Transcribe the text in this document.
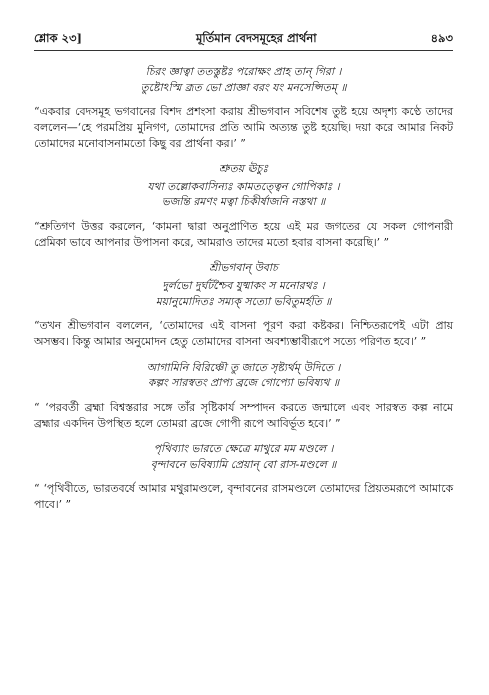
শ্লোক ২৩]	মূর্তিমান বেদসমূহের প্রার্থনা	৪৯৩

চিরং জ্ঞাত্বা ততস্তুষ্টঃ পরোক্ষং প্রাহ তান্‌ গিরা ।
তুষ্টোঽস্মি ব্রূত ভো প্রাজ্ঞা বরং যং মনসেপ্সিতম্‌ ॥

“একবার বেদসমূহ ভগবানের বিশদ প্রশংসা করায় শ্রীভগবান সবিশেষ তুষ্ট হয়ে অদৃশ্য কণ্ঠে তাদের বললেন—‘হে পরমপ্রিয় মুনিগণ, তোমাদের প্রতি আমি অত্যন্ত তুষ্ট হয়েছি। দয়া করে আমার নিকট তোমাদের মনোবাসনামতো কিছু বর প্রার্থনা কর।’ ”

শ্রুতয় ঊচুঃ

যথা তল্লোকবাসিন্যঃ কামতত্ত্বেন গোপিকাঃ ।
ভজন্তি রমণং মত্বা চিকীর্ষাজনি নস্তথা ॥

“শ্রুতিগণ উত্তর করলেন, ‘কামনা দ্বারা অনুপ্রাণিত হয়ে এই মর জগতের যে সকল গোপনারী প্রেমিকা ভাবে আপনার উপাসনা করে, আমরাও তাদের মতো হবার বাসনা করেছি।’ ”

শ্রীভগবান্‌ উবাচ

দুর্লভো দুর্ঘটশ্চৈব যুষ্মাকং স মনোরথঃ ।
ময়ানুমোদিতঃ সম্যক্‌ সত্যো ভবিতুমর্হতি ॥

“তখন শ্রীভগবান বললেন, ‘তোমাদের এই বাসনা পূরণ করা কষ্টকর। নিশ্চিতরূপেই এটা প্রায় অসম্ভব। কিন্তু আমার অনুমোদন হেতু তোমাদের বাসনা অবশ্যম্ভাবীরূপে সত্যে পরিণত হবে।’ ”

আগামিনি বিরিঞ্চৌ তু জাতে সৃষ্ট্যর্থম্‌ উদিতে ।
কল্পং সারস্বতং প্রাপ্য ব্রজে গোপ্যো ভবিষ্যথ ॥

“ ‘পরবর্তী ব্রহ্মা বিশ্বস্তরার সঙ্গে তাঁর সৃষ্টিকার্য সম্পাদন করতে জন্মালে এবং সারস্বত কল্প নামে ব্রহ্মার একদিন উপস্থিত হলে তোমরা ব্রজে গোপী রূপে আবির্ভূত হবে।’ ”

পৃথিব্যাং ভারতে ক্ষেত্রে মাথুরে মম মণ্ডলে ।
বৃন্দাবনে ভবিষ্যামি প্রেয়ান্‌ বো রাস-মণ্ডলে ॥

“ ‘পৃথিবীতে, ভারতবর্ষে আমার মথুরামণ্ডলে, বৃন্দাবনের রাসমণ্ডলে তোমাদের প্রিয়তমরূপে আমাকে পাবে।’ ”
